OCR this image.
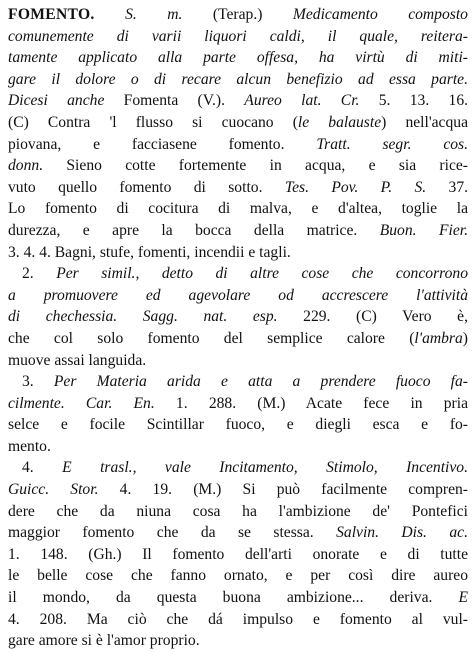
FOMENTO. S. m. (Terap.) Medicamento composto
comunemente di varii liquori caldi, il quale, reitera-
tamente applicato alla parte offesa, ha virtù di miti-
gare il dolore o di recare alcun benefizio ad essa parte.
Dicesi anche Fomenta (V.). Aureo lat. Cr. 5. 13. 16.
(C) Contra 'l flusso si cuocano (le balauste) nell'acqua
piovana, e facciasene fomento. Tratt. segr. cos.
donn. Sieno cotte fortemente in acqua, e sia rice-
vuto quello fomento di sotto. Tes. Pov. P. S. 37.
Lo fomento di cocitura di malva, e d'altea, toglie la
durezza, e apre la bocca della matrice. Buon. Fier.
3. 4. 4. Bagni, stufe, fomenti, incendii e tagli.
2. Per simil., detto di altre cose che concorrono
a promuovere ed agevolare od accrescere l'attività
di chechessia. Sagg. nat. esp. 229. (C) Vero è,
che col solo fomento del semplice calore (l'ambra)
muove assai languida.
3. Per Materia arida e atta a prendere fuoco fa-
cilmente. Car. En. 1. 288. (M.) Acate fece in pria
selce e focile Scintillar fuoco, e diegli esca e fo-
mento.
4. E trasl., vale Incitamento, Stimolo, Incentivo.
Guicc. Stor. 4. 19. (M.) Si può facilmente compren-
dere che da niuna cosa ha l'ambizione de' Pontefici
maggior fomento che da se stessa. Salvin. Dis. ac.
1. 148. (Gh.) Il fomento dell'arti onorate e di tutte
le belle cose che fanno ornato, e per così dire aureo
il mondo, da questa buona ambizione... deriva. E
4. 208. Ma ciò che dá impulso e fomento al vul-
gare amore si è l'amor proprio.
